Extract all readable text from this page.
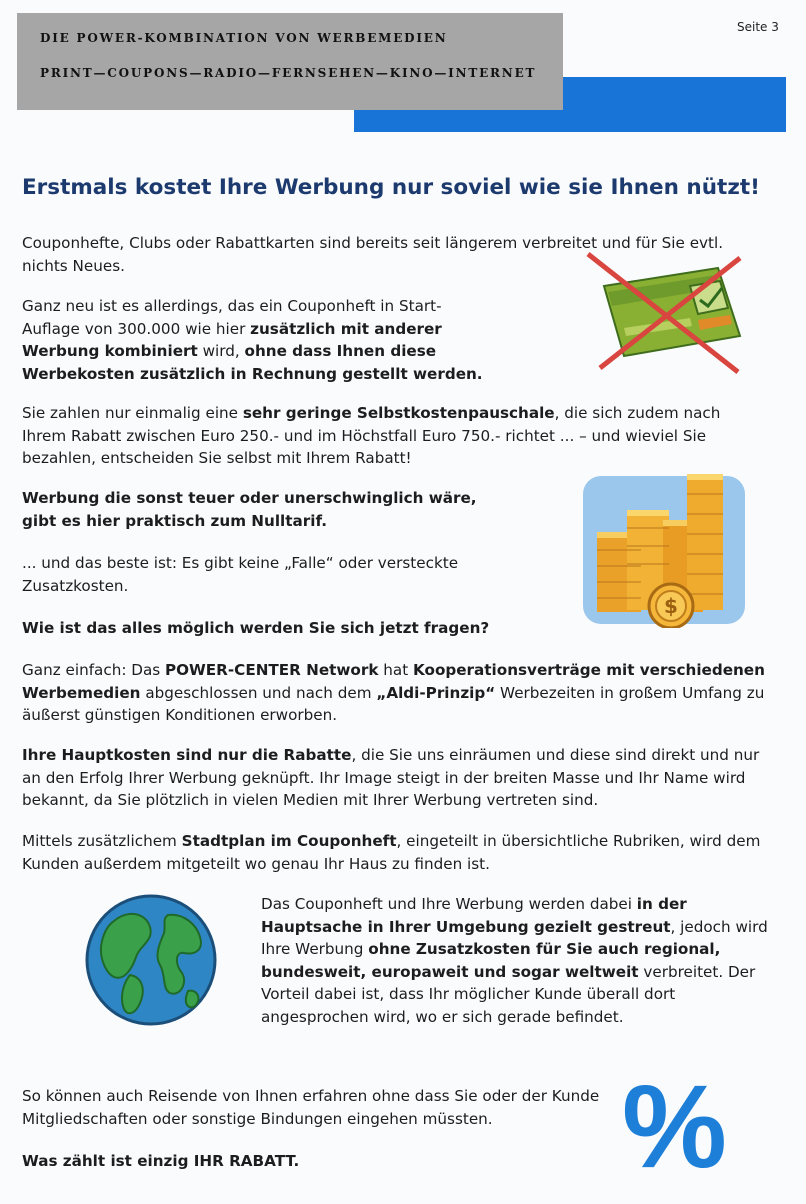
DIE POWER-KOMBINATION VON WERBEMEDIEN
PRINT—COUPONS—RADIO—FERNSEHEN—KINO—INTERNET
Seite 3
Erstmals kostet Ihre Werbung nur soviel wie sie Ihnen nützt!

Couponhefte, Clubs oder Rabattkarten sind bereits seit längerem verbreitet und für Sie evtl. nichts Neues.

Ganz neu ist es allerdings, das ein Couponheft in Start-Auflage von 300.000 wie hier zusätzlich mit anderer Werbung kombiniert wird, ohne dass Ihnen diese Werbekosten zusätzlich in Rechnung gestellt werden.

Sie zahlen nur einmalig eine sehr geringe Selbstkostenpauschale, die sich zudem nach Ihrem Rabatt zwischen Euro 250.- und im Höchstfall Euro 750.- richtet ... – und wieviel Sie bezahlen, entscheiden Sie selbst mit Ihrem Rabatt!

Werbung die sonst teuer oder unerschwinglich wäre, gibt es hier praktisch zum Nulltarif.

... und das beste ist: Es gibt keine „Falle“ oder versteckte Zusatzkosten.

Wie ist das alles möglich werden Sie sich jetzt fragen?

Ganz einfach: Das POWER-CENTER Network hat Kooperationsverträge mit verschiedenen Werbemedien abgeschlossen und nach dem „Aldi-Prinzip“ Werbezeiten in großem Umfang zu äußerst günstigen Konditionen erworben.

Ihre Hauptkosten sind nur die Rabatte, die Sie uns einräumen und diese sind direkt und nur an den Erfolg Ihrer Werbung geknüpft. Ihr Image steigt in der breiten Masse und Ihr Name wird bekannt, da Sie plötzlich in vielen Medien mit Ihrer Werbung vertreten sind.

Mittels zusätzlichem Stadtplan im Couponheft, eingeteilt in übersichtliche Rubriken, wird dem Kunden außerdem mitgeteilt wo genau Ihr Haus zu finden ist.

Das Couponheft und Ihre Werbung werden dabei in der Hauptsache in Ihrer Umgebung gezielt gestreut, jedoch wird Ihre Werbung ohne Zusatzkosten für Sie auch regional, bundesweit, europaweit und sogar weltweit verbreitet. Der Vorteil dabei ist, dass Ihr möglicher Kunde überall dort angesprochen wird, wo er sich gerade befindet.

So können auch Reisende von Ihnen erfahren ohne dass Sie oder der Kunde Mitgliedschaften oder sonstige Bindungen eingehen müssten.

Was zählt ist einzig IHR RABATT.	%
$
